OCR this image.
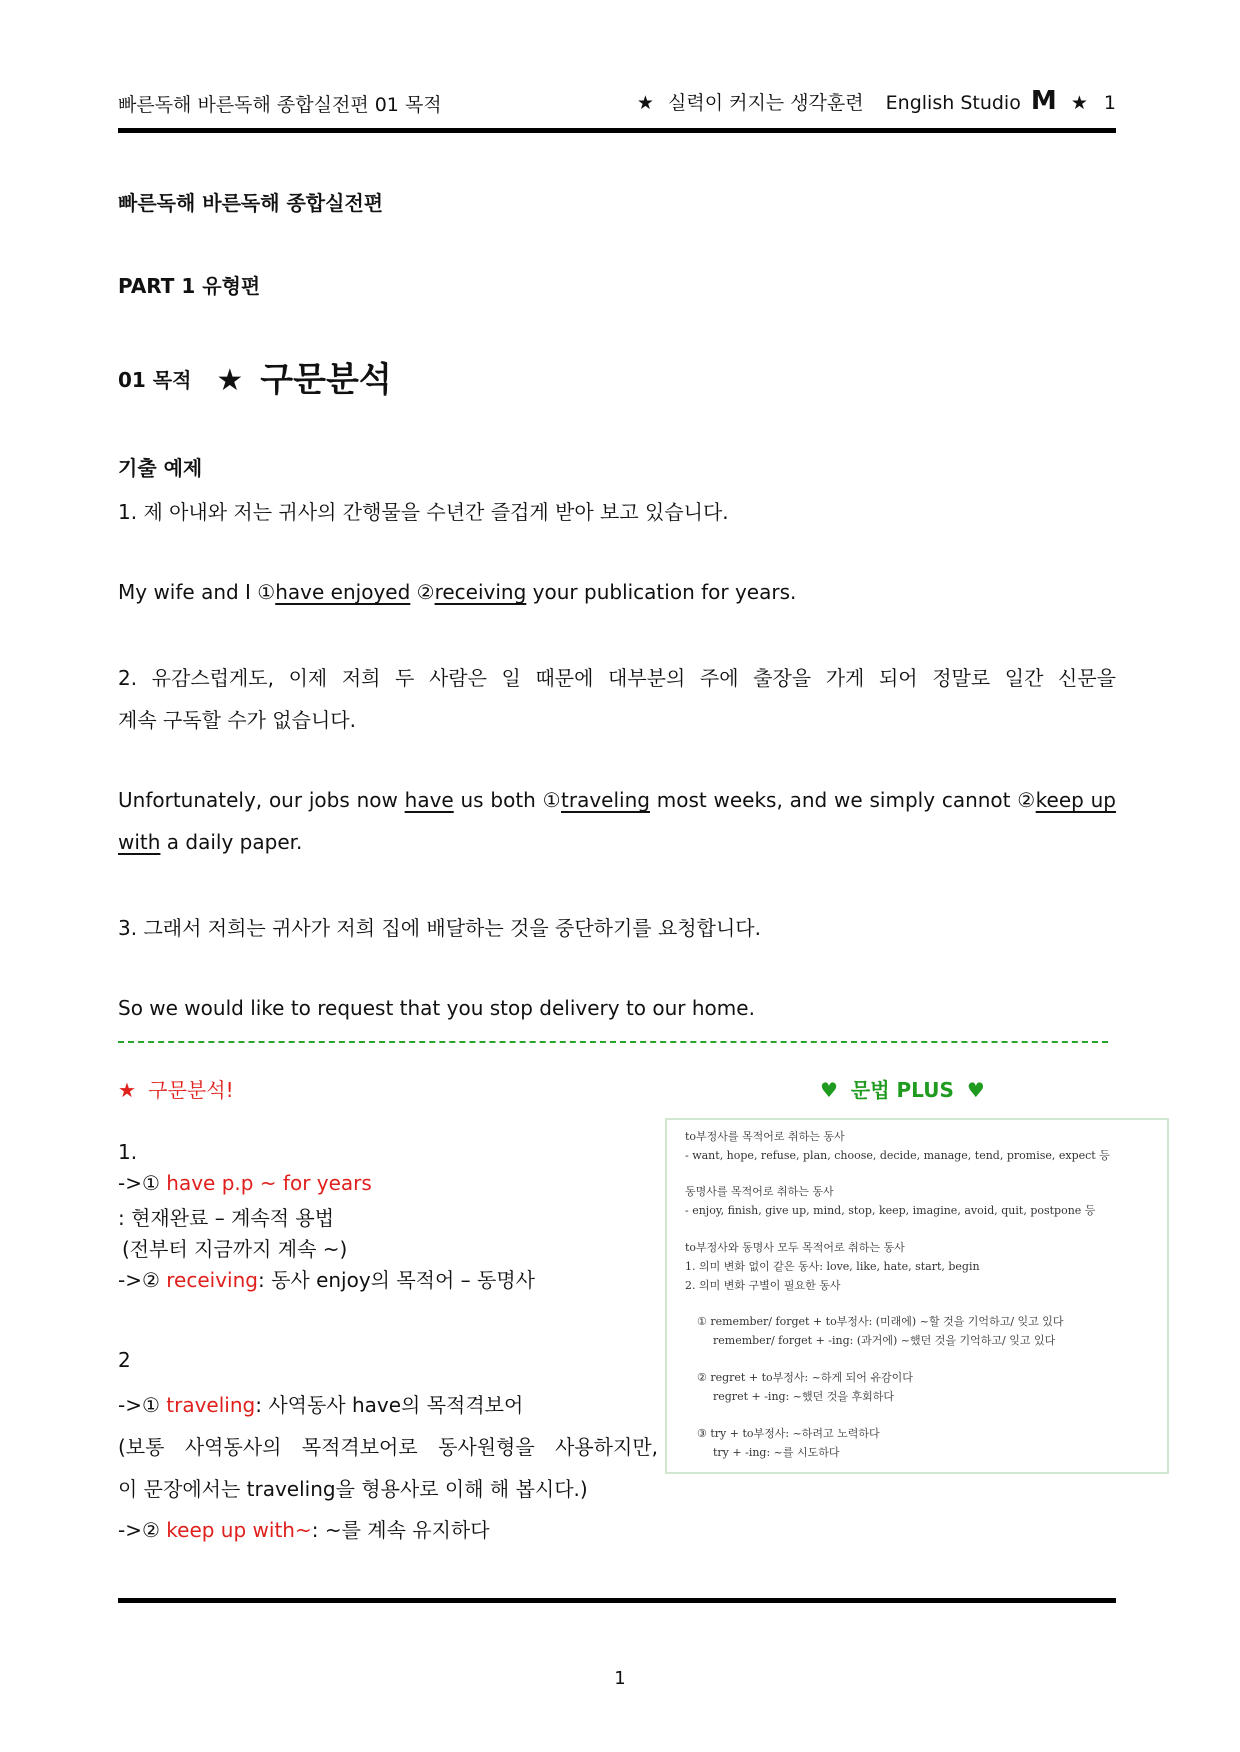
빠른독해 바른독해 종합실전편 01 목적	★ 실력이 커지는 생각훈련 English Studio M ★ 1
빠른독해 바른독해 종합실전편
PART 1 유형편
01 목적 ★ 구문분석
기출 예제
1. 제 아내와 저는 귀사의 간행물을 수년간 즐겁게 받아 보고 있습니다.
My wife and I ①have enjoyed ②receiving your publication for years.
2. 유감스럽게도, 이제 저희 두 사람은 일 때문에 대부분의 주에 출장을 가게 되어 정말로 일간 신문을
계속 구독할 수가 없습니다.
Unfortunately, our jobs now have us both ①traveling most weeks, and we simply cannot ②keep up
with a daily paper.
3. 그래서 저희는 귀사가 저희 집에 배달하는 것을 중단하기를 요청합니다.
So we would like to request that you stop delivery to our home.
★ 구문분석!	♥ 문법 PLUS ♥
1.
->① have p.p ~ for years
: 현재완료 – 계속적 용법
(전부터 지금까지 계속 ~)
->② receiving: 동사 enjoy의 목적어 – 동명사
2
->① traveling: 사역동사 have의 목적격보어
(보통 사역동사의 목적격보어로 동사원형을 사용하지만,
이 문장에서는 traveling을 형용사로 이해 해 봅시다.)
->② keep up with~: ~를 계속 유지하다
to부정사를 목적어로 취하는 동사
- want, hope, refuse, plan, choose, decide, manage, tend, promise, expect 등
동명사를 목적어로 취하는 동사
- enjoy, finish, give up, mind, stop, keep, imagine, avoid, quit, postpone 등
to부정사와 동명사 모두 목적어로 취하는 동사
1. 의미 변화 없이 같은 동사: love, like, hate, start, begin
2. 의미 변화 구별이 필요한 동사
① remember/ forget + to부정사: (미래에) ~할 것을 기억하고/ 잊고 있다
remember/ forget + -ing: (과거에) ~했던 것을 기억하고/ 잊고 있다
② regret + to부정사: ~하게 되어 유감이다
regret + -ing: ~했던 것을 후회하다
③ try + to부정사: ~하려고 노력하다
try + -ing: ~를 시도하다
1
